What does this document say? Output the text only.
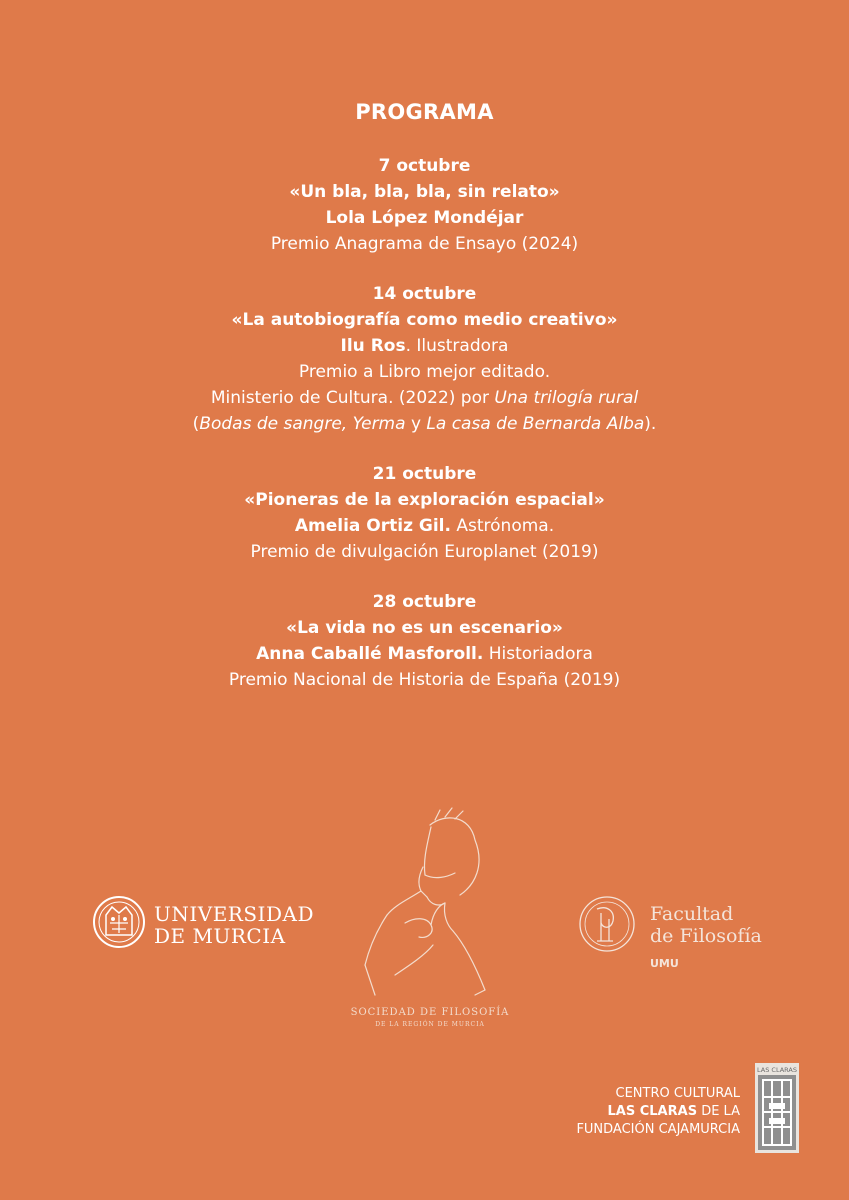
PROGRAMA
7 octubre
«Un bla, bla, bla, sin relato»
Lola López Mondéjar
Premio Anagrama de Ensayo (2024)
14 octubre
«La autobiografía como medio creativo»
Ilu Ros. Ilustradora
Premio a Libro mejor editado.
Ministerio de Cultura. (2022) por Una trilogía rural
(Bodas de sangre, Yerma y La casa de Bernarda Alba).
21 octubre
«Pioneras de la exploración espacial»
Amelia Ortiz Gil. Astrónoma.
Premio de divulgación Europlanet (2019)
28 octubre
«La vida no es un escenario»
Anna Caballé Masforoll. Historiadora
Premio Nacional de Historia de España (2019)
UNIVERSIDAD
DE MURCIA
SOCIEDAD DE FILOSOFÍA
DE LA REGIÓN DE MURCIA
Facultad
de Filosofía
UMU
CENTRO CULTURAL
LAS CLARAS DE LA
FUNDACIÓN CAJAMURCIA
LAS CLARAS
